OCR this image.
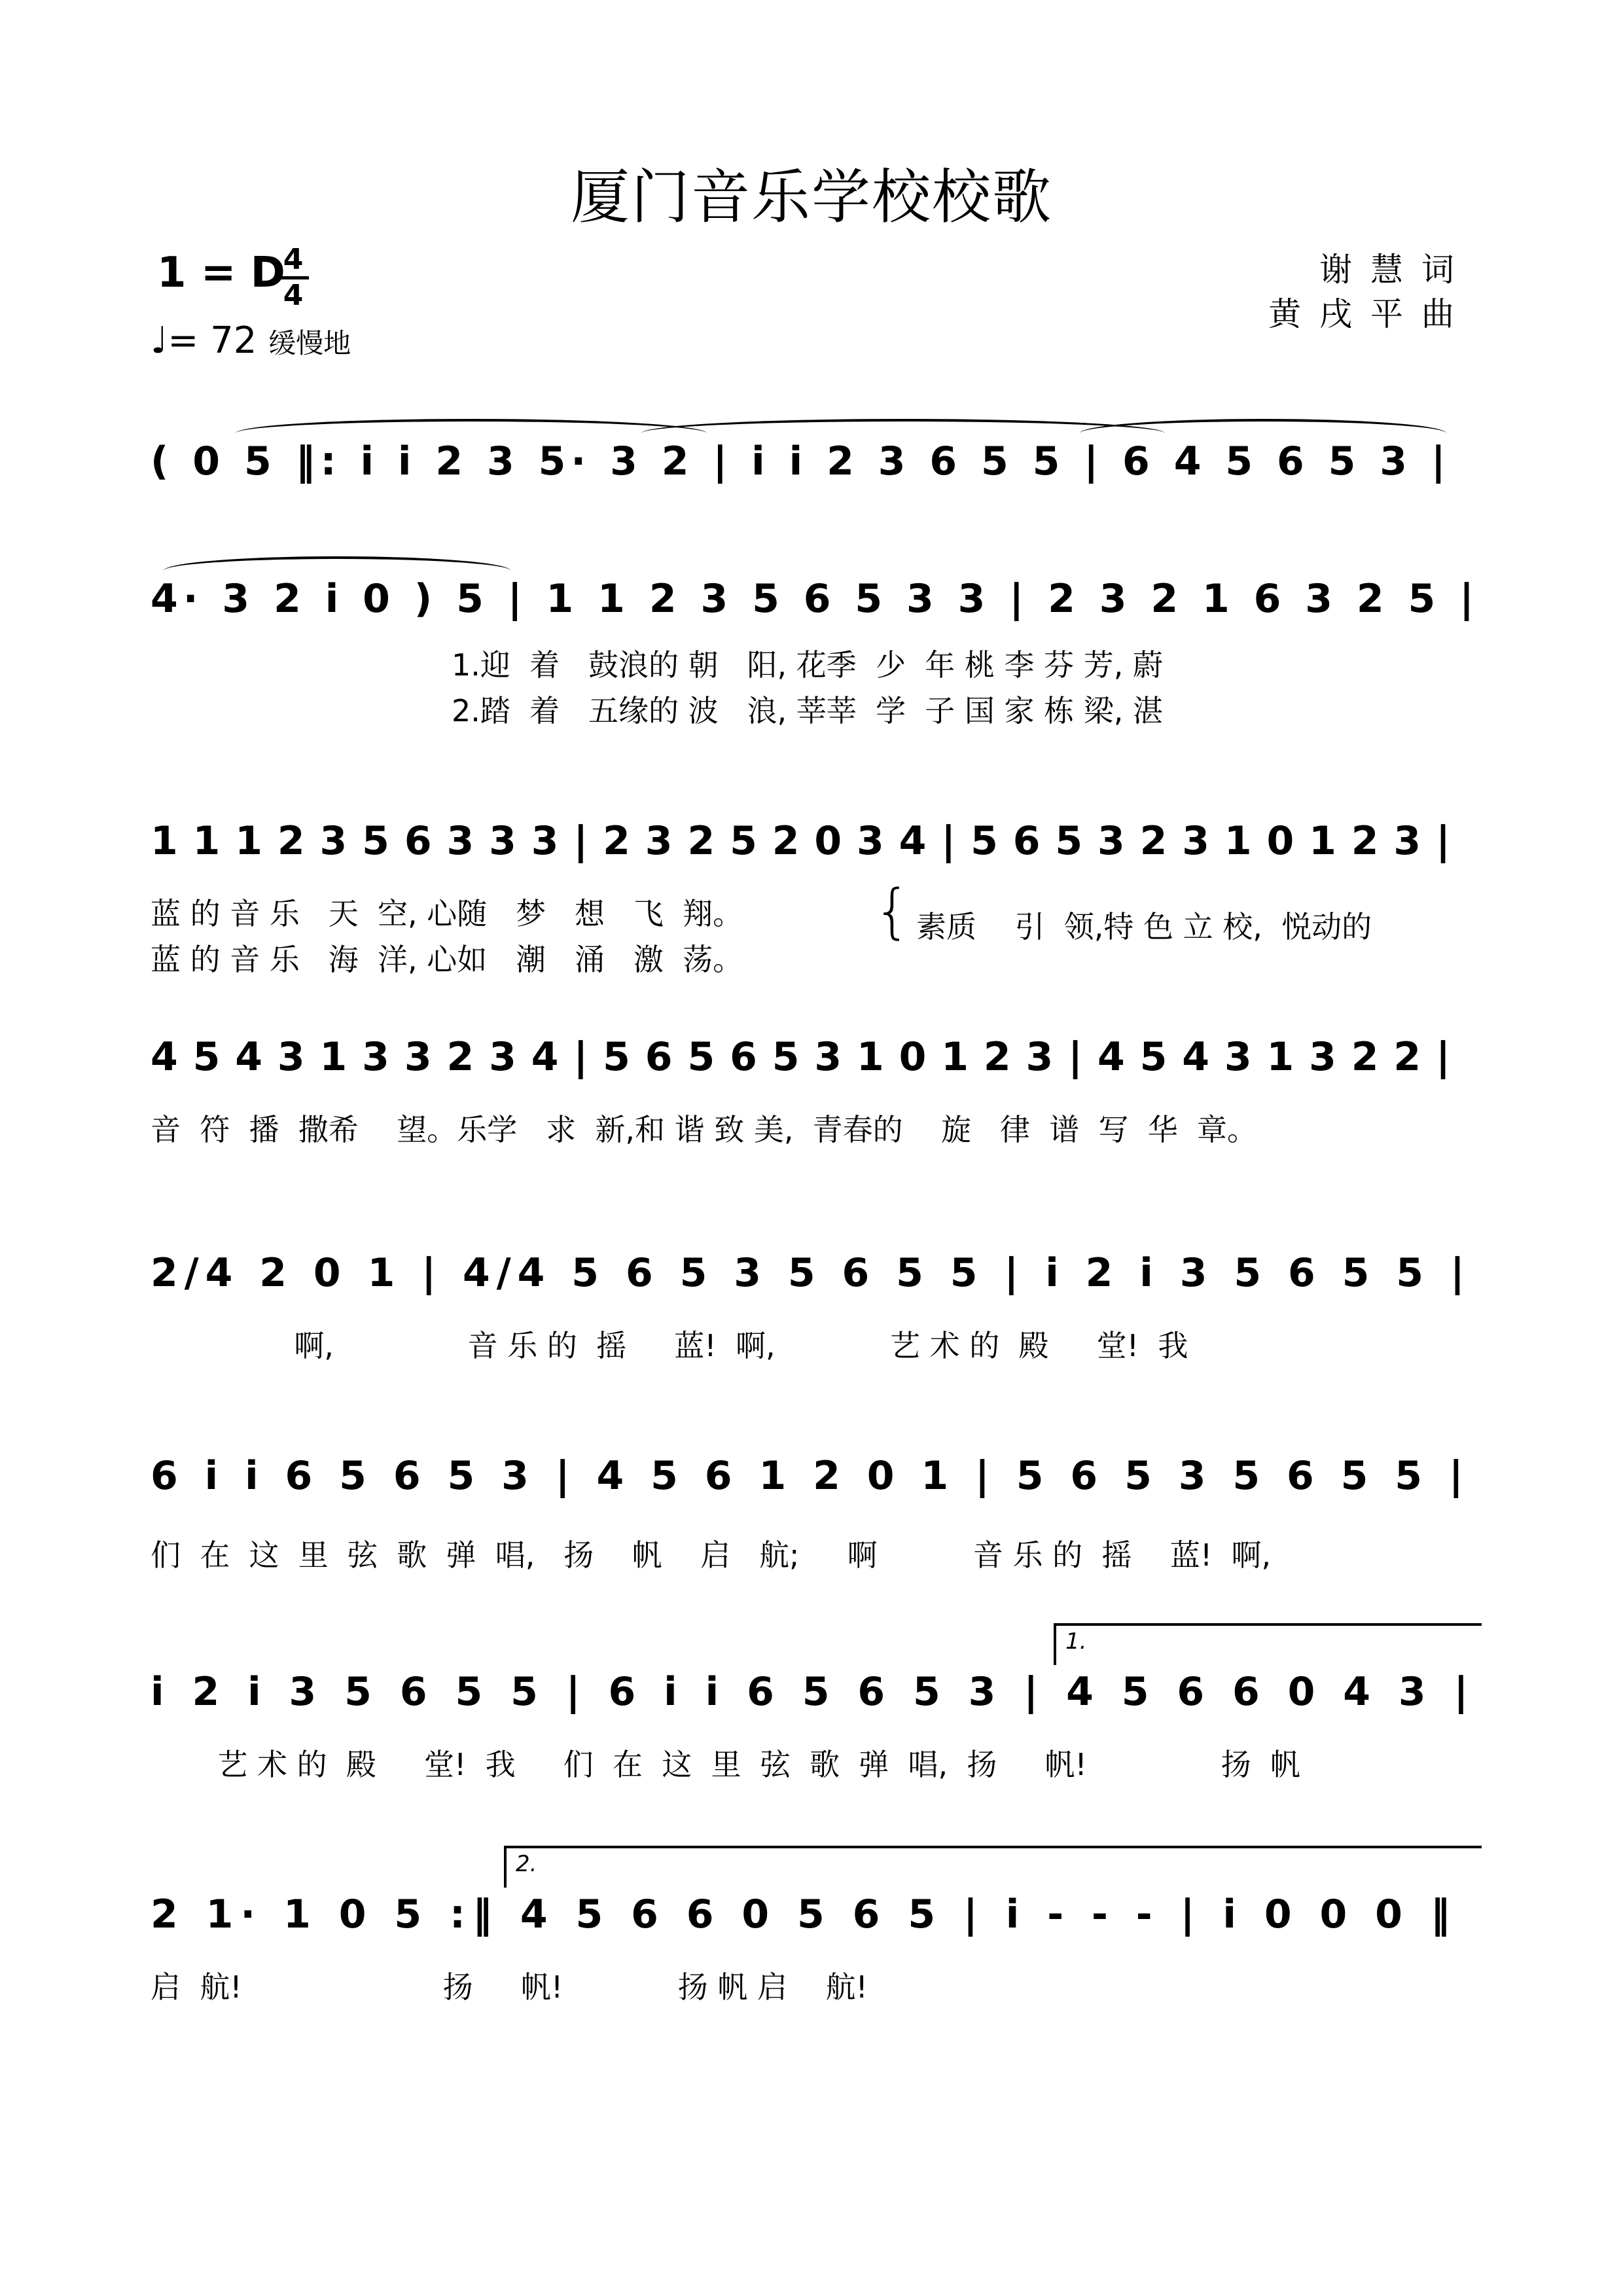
厦门音乐学校校歌
1 = D
4
4
♩= 72 缓慢地
谢慧词
黄戌平曲
( 0 5 ‖: i i 2 3 5· 3 2 | i i 2 3 6 5 5 | 6 4 5 6 5 3 |
4· 3 2 i 0 ) 5 | 1 1 2 3 5 6 5 3 3 | 2 3 2 1 6 3 2 5 |
1.迎  着   鼓浪的 朝   阳, 花季  少  年 桃 李 芬 芳, 蔚
2.踏  着   五缘的 波   浪, 莘莘  学  子 国 家 栋 梁, 湛
1 1 1 2 3 5 6 3 3 3 | 2 3 2 5 2 0 3 4 | 5 6 5 3 2 3 1 0 1 2 3 |
蓝 的 音 乐   天  空, 心随   梦   想   飞  翔。
蓝 的 音 乐   海  洋, 心如   潮   涌   激  荡。
{ 素质    引  领,特 色 立 校,  悦动的
4 5 4 3 1 3 3 2 3 4 | 5 6 5 6 5 3 1 0 1 2 3 | 4 5 4 3 1 3 2 2 |
音  符  播  撒希    望。乐学   求  新,和 谐 致 美,  青春的    旋   律  谱  写  华  章。
2/4 2 0 1 | 4/4 5 6 5 3 5 6 5 5 | i 2 i 3 5 6 5 5 |
啊,              音 乐 的  摇     蓝!  啊,            艺 术 的  殿     堂!  我
6 i i 6 5 6 5 3 | 4 5 6 1 2 0 1 | 5 6 5 3 5 6 5 5 |
们  在  这  里  弦  歌  弹  唱,   扬    帆    启   航;     啊          音 乐 的  摇    蓝!  啊,
1.
i 2 i 3 5 6 5 5 | 6 i i 6 5 6 5 3 | 4 5 6 6 0 4 3 |
艺 术 的  殿     堂!  我     们  在  这  里  弦  歌  弹  唱,  扬     帆!              扬  帆
2.
2 1· 1 0 5 :‖ 4 5 6 6 0 5 6 5 | i - - - | i 0 0 0 ‖
启  航!                     扬     帆!            扬 帆 启    航!
